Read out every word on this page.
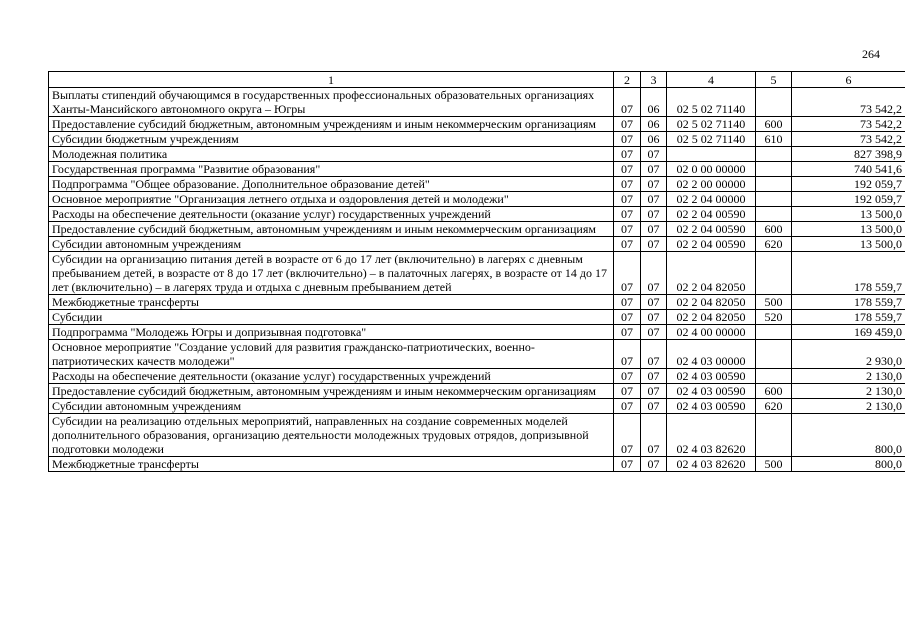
264
1	2	3	4	5	6
Выплаты стипендий обучающимся в государственных профессиональных образовательных организациях Ханты-Мансийского автономного округа – Югры	07	06	02 5 02 71140		73 542,2
Предоставление субсидий бюджетным, автономным учреждениям и иным некоммерческим организациям	07	06	02 5 02 71140	600	73 542,2
Субсидии бюджетным учреждениям	07	06	02 5 02 71140	610	73 542,2
Молодежная политика	07	07			827 398,9
Государственная программа "Развитие образования"	07	07	02 0 00 00000		740 541,6
Подпрограмма "Общее образование. Дополнительное образование детей"	07	07	02 2 00 00000		192 059,7
Основное мероприятие "Организация летнего отдыха и оздоровления детей и молодежи"	07	07	02 2 04 00000		192 059,7
Расходы на обеспечение деятельности (оказание услуг) государственных учреждений	07	07	02 2 04 00590		13 500,0
Предоставление субсидий бюджетным, автономным учреждениям и иным некоммерческим организациям	07	07	02 2 04 00590	600	13 500,0
Субсидии автономным учреждениям	07	07	02 2 04 00590	620	13 500,0
Субсидии на организацию питания детей в возрасте от 6 до 17 лет (включительно) в лагерях с дневным пребыванием детей, в возрасте от 8 до 17 лет (включительно) – в палаточных лагерях, в возрасте от 14 до 17 лет (включительно) – в лагерях труда и отдыха с дневным пребыванием детей	07	07	02 2 04 82050		178 559,7
Межбюджетные трансферты	07	07	02 2 04 82050	500	178 559,7
Субсидии	07	07	02 2 04 82050	520	178 559,7
Подпрограмма "Молодежь Югры и допризывная подготовка"	07	07	02 4 00 00000		169 459,0
Основное мероприятие "Создание условий для развития гражданско-патриотических, военно-патриотических качеств молодежи"	07	07	02 4 03 00000		2 930,0
Расходы на обеспечение деятельности (оказание услуг) государственных учреждений	07	07	02 4 03 00590		2 130,0
Предоставление субсидий бюджетным, автономным учреждениям и иным некоммерческим организациям	07	07	02 4 03 00590	600	2 130,0
Субсидии автономным учреждениям	07	07	02 4 03 00590	620	2 130,0
Субсидии на реализацию отдельных мероприятий, направленных на создание современных моделей дополнительного образования, организацию деятельности молодежных трудовых отрядов, допризывной подготовки молодежи	07	07	02 4 03 82620		800,0
Межбюджетные трансферты	07	07	02 4 03 82620	500	800,0
